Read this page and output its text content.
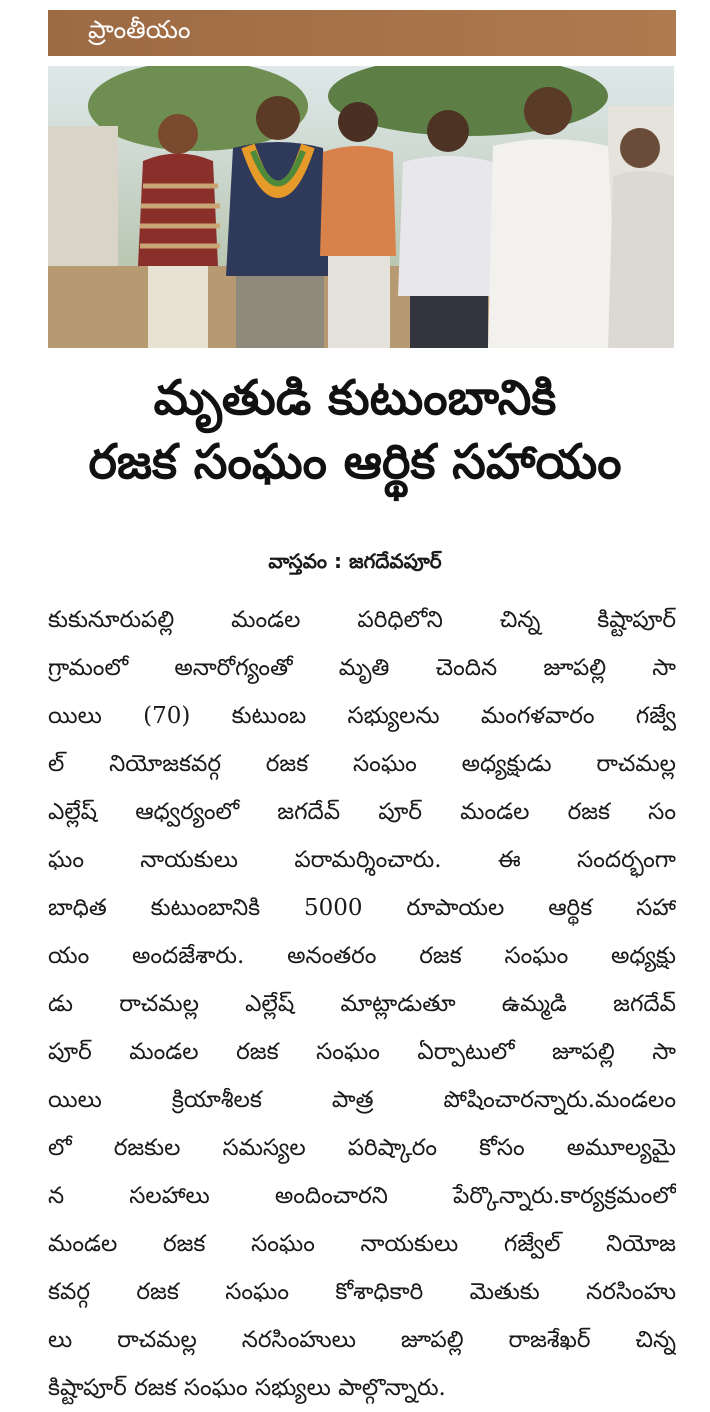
ప్రాంతీయం
మృతుడి కుటుంబానికి
రజక సంఘం ఆర్థిక సహాయం
వాస్తవం : జగదేవపూర్
కుకునూరుపల్లి మండల పరిధిలోని చిన్న కిష్టాపూర్
గ్రామంలో అనారోగ్యంతో మృతి చెందిన జూపల్లి సా
యిలు (70) కుటుంబ సభ్యులను మంగళవారం గజ్వే
ల్ నియోజకవర్గ రజక సంఘం అధ్యక్షుడు రాచమల్ల
ఎల్లేష్ ఆధ్వర్యంలో జగదేవ్ పూర్ మండల రజక సం
ఘం నాయకులు పరామర్శించారు. ఈ సందర్భంగా
బాధిత కుటుంబానికి 5000 రూపాయల ఆర్థిక సహా
యం అందజేశారు. అనంతరం రజక సంఘం అధ్యక్షు
డు రాచమల్ల ఎల్లేష్ మాట్లాడుతూ ఉమ్మడి జగదేవ్
పూర్ మండల రజక సంఘం ఏర్పాటులో జూపల్లి సా
యిలు క్రియాశీలక పాత్ర పోషించారన్నారు.మండలం
లో రజకుల సమస్యల పరిష్కారం కోసం అమూల్యమై
న సలహాలు అందించారని పేర్కొన్నారు.కార్యక్రమంలో
మండల రజక సంఘం నాయకులు గజ్వేల్ నియోజ
కవర్గ రజక సంఘం కోశాధికారి మెతుకు నరసింహు
లు రాచమల్ల నరసింహులు జూపల్లి రాజశేఖర్ చిన్న
కిష్టాపూర్ రజక సంఘం సభ్యులు పాల్గొన్నారు.
